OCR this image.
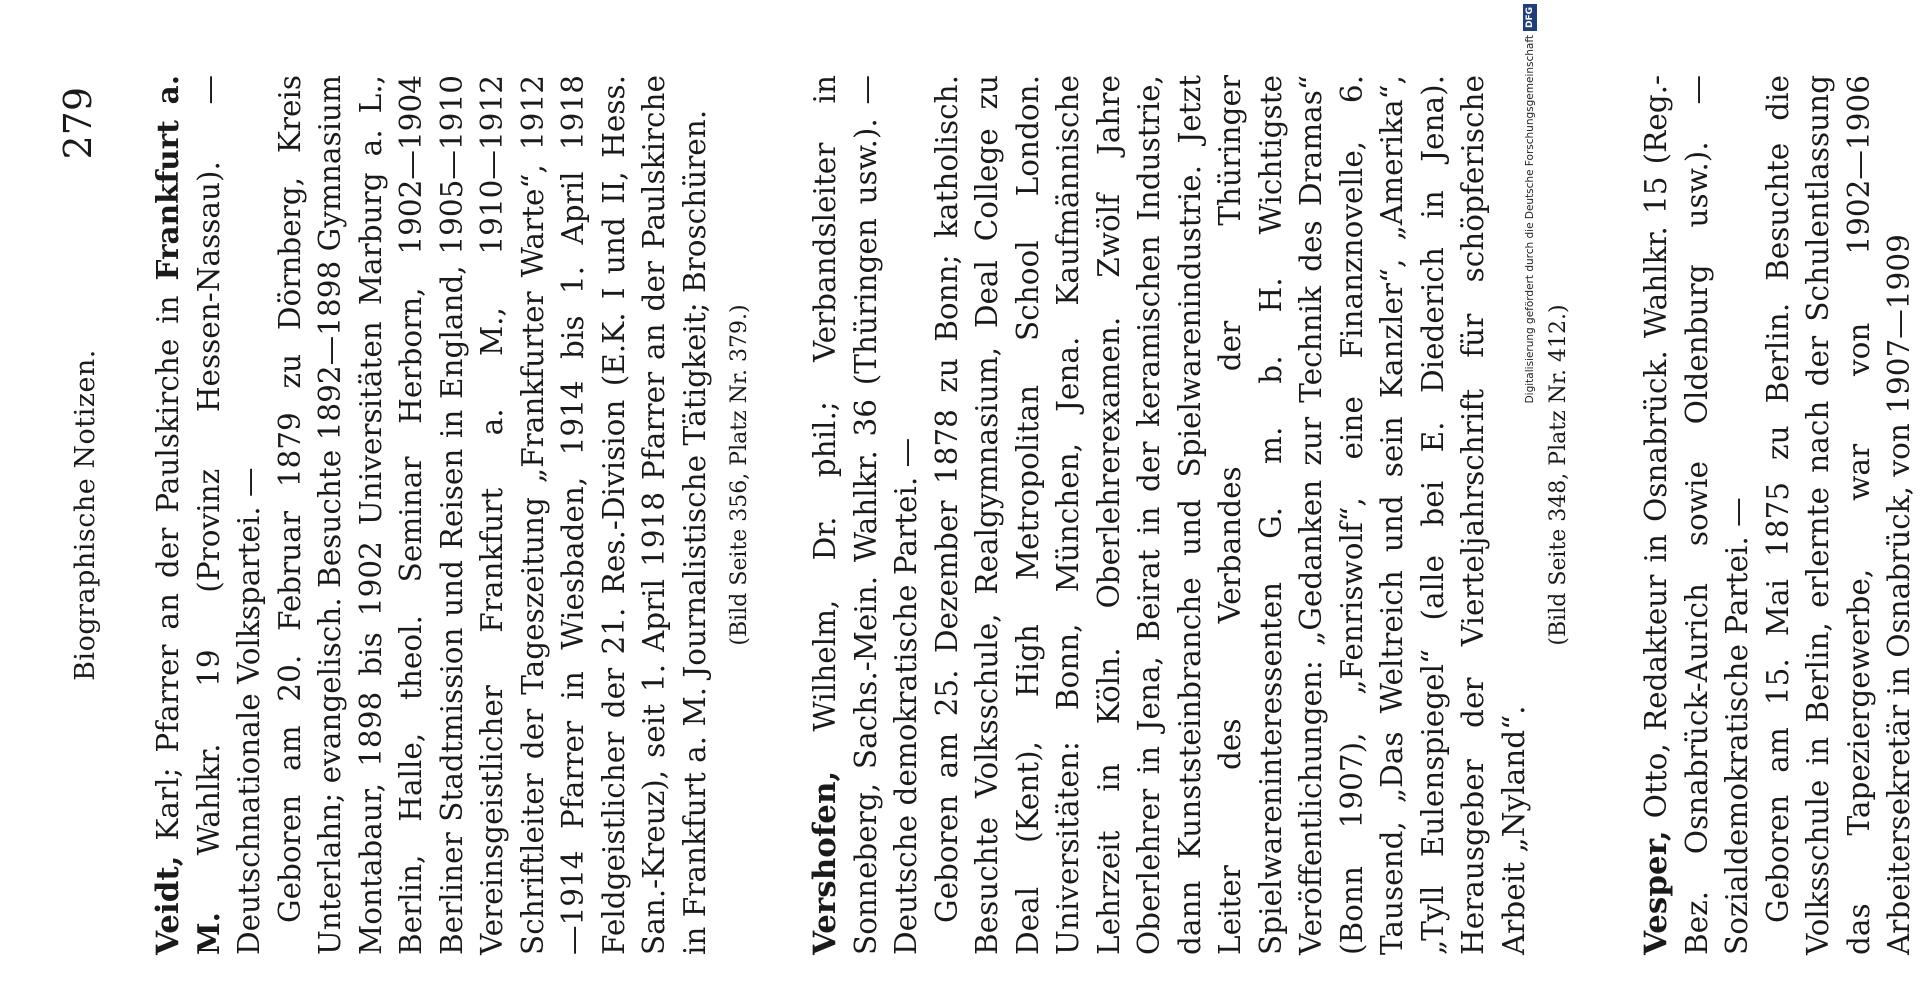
Biographische Notizen.
279

Veidt, Karl; Pfarrer an der Paulskirche in Frankfurt a. M. Wahlkr. 19 (Provinz Hessen-Nassau). — Deutschnationale Volkspartei. — Geboren am 20. Februar 1879 zu Dörnberg, Kreis Unterlahn; evangelisch. Besuchte 1892—1898 Gymnasium Montabaur, 1898 bis 1902 Universitäten Marburg a. L., Berlin, Halle, theol. Seminar Herborn, 1902—1904 Berliner Stadtmission und Reisen in England, 1905—1910 Vereinsgeistlicher Frankfurt a. M., 1910—1912 Schriftleiter der Tageszeitung „Frankfurter Warte“, 1912—1914 Pfarrer in Wiesbaden, 1914 bis 1. April 1918 Feldgeistlicher der 21. Res.-Division (E.K. I und II, Hess. San.-Kreuz), seit 1. April 1918 Pfarrer an der Paulskirche in Frankfurt a. M. Journalistische Tätigkeit; Broschüren. (Bild Seite 356, Platz Nr. 379.)

Vershofen, Wilhelm, Dr. phil.; Verbandsleiter in Sonneberg, Sachs.-Mein. Wahlkr. 36 (Thüringen usw.). — Deutsche demokratische Partei. — Geboren am 25. Dezember 1878 zu Bonn; katholisch. Besuchte Volksschule, Realgymnasium, Deal College zu Deal (Kent), High Metropolitan School London. Universitäten: Bonn, München, Jena. Kaufmännische Lehrzeit in Köln. Oberlehrerexamen. Zwölf Jahre Oberlehrer in Jena, Beirat in der keramischen Industrie, dann Kunststeinbranche und Spielwarenindustrie. Jetzt Leiter des Verbandes der Thüringer Spielwareninteressenten G. m. b. H. Wichtigste Veröffentlichungen: „Gedanken zur Technik des Dramas“ (Bonn 1907), „Fenriswolf“, eine Finanznovelle, 6. Tausend, „Das Weltreich und sein Kanzler“, „Amerika“, „Tyll Eulenspiegel“ (alle bei E. Diederich in Jena). Herausgeber der Vierteljahrschrift für schöpferische Arbeit „Nyland“.

(Bild Seite 348, Platz Nr. 412.)

Vesper, Otto, Redakteur in Osnabrück. Wahlkr. 15 (Reg.-Bez. Osnabrück-Aurich sowie Oldenburg usw.). — Sozialdemokratische Partei. — Geboren am 15. Mai 1875 zu Berlin. Besuchte die Volksschule in Berlin, erlernte nach der Schulentlassung das Tapeziergewerbe, war von 1902—1906 Arbeitersekretär in Osnabrück, von 1907—1909

Digitalisierung gefördert durch die Deutsche Forschungsgemeinschaft
DFG
